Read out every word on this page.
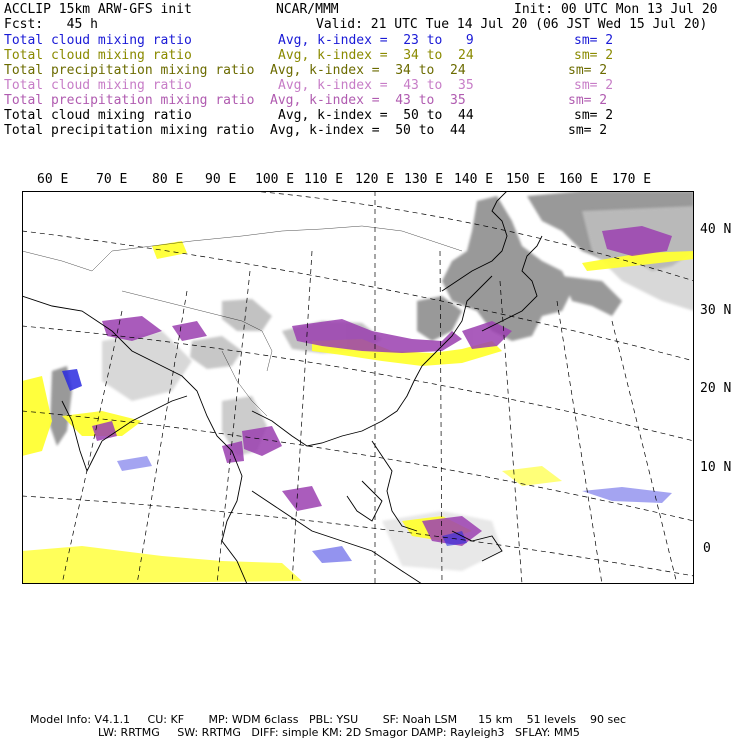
ACCLIP 15km ARW-GFS init	NCAR/MMM	Init: 00 UTC Mon 13 Jul 20
Fcst:   45 h	Valid: 21 UTC Tue 14 Jul 20 (06 JST Wed 15 Jul 20)
Total cloud mixing ratio	Avg, k-index =  23 to   9	sm= 2
Total cloud mixing ratio	Avg, k-index =  34 to  24	sm= 2
Total precipitation mixing ratio Avg, k-index =  34 to  24	sm= 2
Total cloud mixing ratio	Avg, k-index =  43 to  35	sm= 2
Total precipitation mixing ratio Avg, k-index =  43 to  35	sm= 2
Total cloud mixing ratio	Avg, k-index =  50 to  44	sm= 2
Total precipitation mixing ratio Avg, k-index =  50 to  44	sm= 2
60 E 70 E 80 E 90 E 100 E 110 E 120 E 130 E 140 E 150 E 160 E 170 E
40 N
30 N
20 N
10 N
0
Model Info: V4.1.1     CU: KF       MP: WDM 6class   PBL: YSU       SF: Noah LSM      15 km    51 levels    90 sec
LW: RRTMG     SW: RRTMG   DIFF: simple KM: 2D Smagor DAMP: Rayleigh3   SFLAY: MM5
